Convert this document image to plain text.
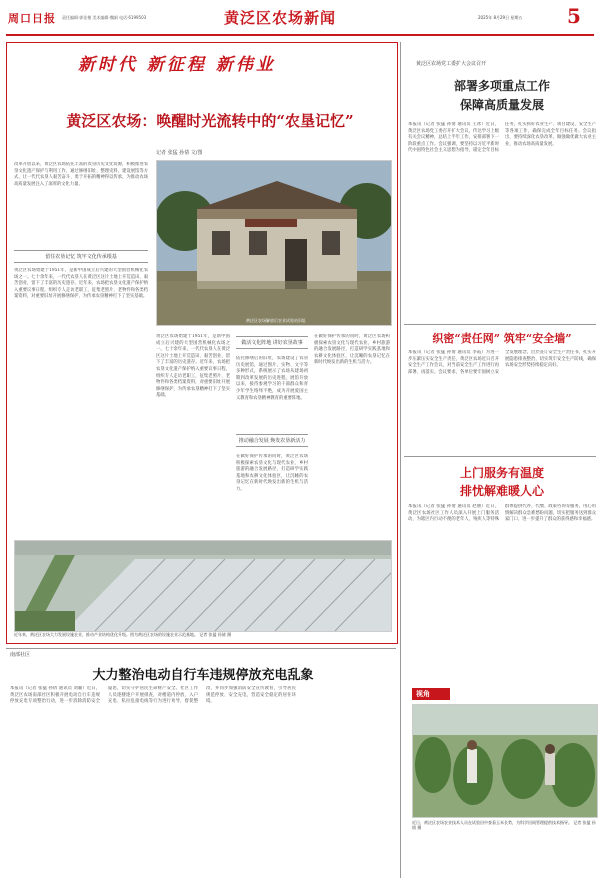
周口日报 责任编辑·郭佳楷 美术编辑·魏娟 电话·6199503	黄泛区农场新闻	2025年 8月29日 星期五	5
新时代 新征程 新伟业
黄泛区农场：唤醒时光流转中的“农垦记忆”
记者 张猛 孙倩 文/图
黄泛区农场解放后农业试验站旧址
改革开放以来，黄泛区农场依托丰富的农垦历史文化资源，积极推进农垦文化遗产保护与利用工作，通过修缮旧址、整理史料、建设展馆等方式，让一代代农垦人艰苦奋斗、勇于开拓的精神得以传承，为推动农场高质量发展注入了深厚的文化力量。
留住农垦记忆 筑牢文化传承根基
黄泛区农场始建于1951年，是新中国成立后兴建的大型国营机械化农场之一。七十余年来，一代代农垦人在黄泛区这片土地上开荒造田、艰苦创业，留下了丰富的历史遗存。近年来，农场把农垦文化遗产保护纳入重要议事日程，组织专人走访老职工，征集老照片、老物件和各类档案资料，对重要旧址开展修缮保护，为传承农垦精神打下了坚实基础。
黄泛区农场始建于1951年，是新中国成立后兴建的大型国营机械化农场之一。七十余年来，一代代农垦人在黄泛区这片土地上开荒造田、艰苦创业，留下了丰富的历史遗存。近年来，农场把农垦文化遗产保护纳入重要议事日程，组织专人走访老职工，征集老照片、老物件和各类档案资料，对重要旧址开展修缮保护，为传承农垦精神打下了坚实基础。
做活文化阵地 讲好农垦故事
依托修缮后的旧址，农场建设了农垦历史展馆，通过图片、实物、文字等多种形式，系统展示了农场从建场初期到改革发展的历史进程。展馆开放以来，接待参观学习的干部群众和青少年学生络绎不绝，成为开展爱国主义教育和农垦精神教育的重要阵地。
推动融合发展 焕发农垦新活力
在做好保护传承的同时，黄泛区农场积极探索农垦文化与现代农业、乡村旅游的融合发展路径，打造研学实践基地和农耕文化体验区，让沉睡的农垦记忆在新时代焕发出新的生机与活力。
在做好保护传承的同时，黄泛区农场积极探索农垦文化与现代农业、乡村旅游的融合发展路径，打造研学实践基地和农耕文化体验区，让沉睡的农垦记忆在新时代焕发出新的生机与活力。
近年来，黄泛区农场大力发展设施农业，推动产业结构优化升级。图为黄泛区农场的设施农业示范基地。 记者 张猛 孙倩 摄
南部社区
大力整治电动自行车违规停放充电乱象
本报讯（记者 张猛 孙倩 通讯员 刘颖）近日，黄泛区农场南部社区积极开展电动自行车违规停放充电专项整治行动，进一步消除消防安全隐患，切实守护居民生命财产安全。社区工作人员逐楼逐户开展排查，对楼道内停放、入户充电、私拉乱接电线等行为进行劝导，督促整改，并同步加强消防安全宣传教育，引导居民规范停放、安全充电，营造安全稳定的居住环境。
黄泛区农场党工委扩大会议召开
部署多项重点工作
保障高质量发展
本报讯（记者 张猛 孙倩 通讯员 王冰）近日，黄泛区农场党工委召开扩大会议，传达学习上级有关会议精神，总结上半年工作，安排部署下一阶段重点工作。会议强调，要坚持以习近平新时代中国特色社会主义思想为指导，锚定全年目标任务，扎实抓好农业生产、项目建设、安全生产等各项工作，确保完成全年目标任务。会议指出，要持续深化农垦改革，做强做优做大农业主业，推动农场高质量发展。
织密“责任网” 筑牢“安全墙”
本报讯（记者 张猛 孙倩 通讯员 李霞）为进一步压紧压实安全生产责任，黄泛区农场近日召开安全生产工作会议，对当前安全生产工作进行再部署、再落实。会议要求，各单位要牢固树立安全发展理念，层层签订安全生产责任书，扎实开展隐患排查整治，切实筑牢安全生产防线，确保农场安全形势持续稳定向好。
上门服务有温度
排忧解难暖人心
本报讯（记者 张猛 孙倩 通讯员 赵丽）近日，黄泛区农场社区工作人员深入开展上门服务活动，为辖区内行动不便的老年人、残疾人等特殊群体提供代办、代缴、政策咨询等服务，用心用情解决群众急难愁盼问题，切实把服务送到群众家门口，进一步提升了群众的获得感和幸福感。
视角
近日，黄泛区农场农业技术人员在试验田中查看玉米长势，为科学田间管理提供技术指导。 记者 张猛 孙倩 摄
